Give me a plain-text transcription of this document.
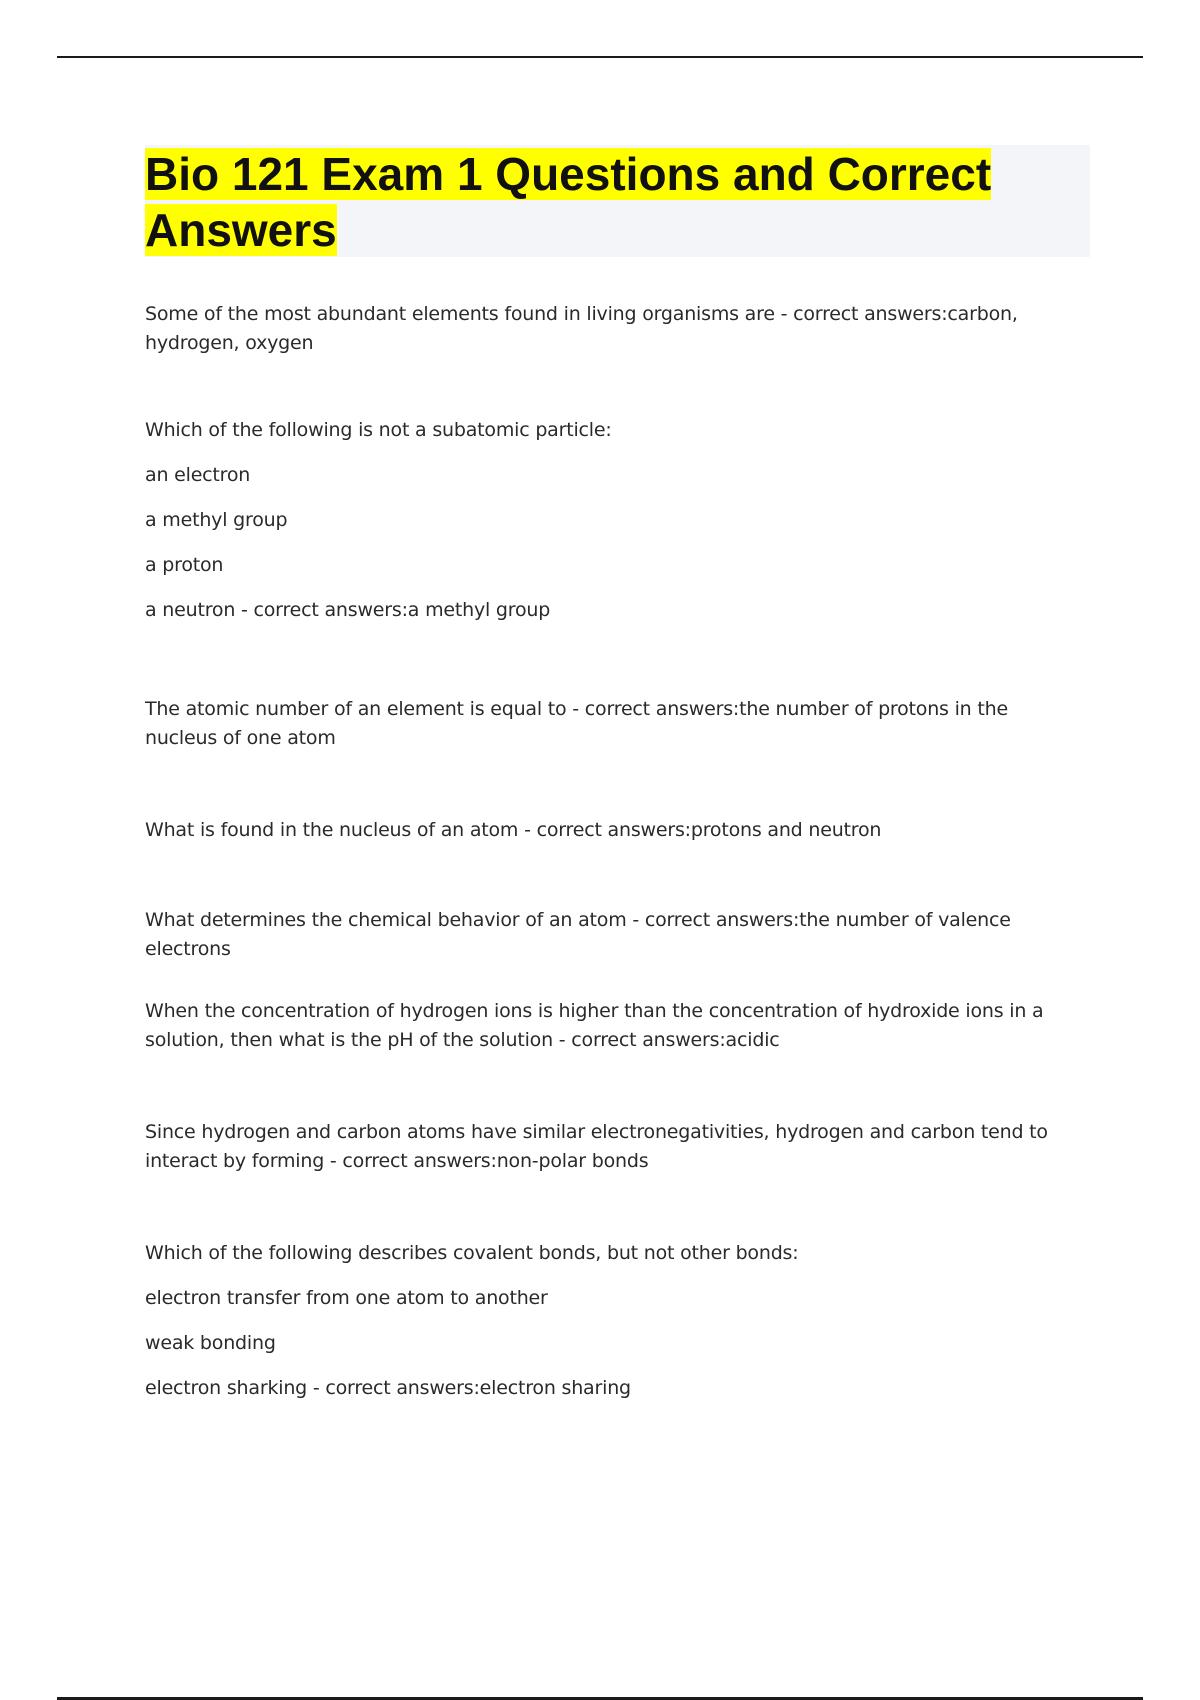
Bio 121 Exam 1 Questions and Correct
Answers

Some of the most abundant elements found in living organisms are - correct answers:carbon, hydrogen, oxygen

Which of the following is not a subatomic particle:

an electron

a methyl group

a proton

a neutron - correct answers:a methyl group

The atomic number of an element is equal to - correct answers:the number of protons in the nucleus of one atom

What is found in the nucleus of an atom - correct answers:protons and neutron

What determines the chemical behavior of an atom - correct answers:the number of valence electrons

When the concentration of hydrogen ions is higher than the concentration of hydroxide ions in a solution, then what is the pH of the solution - correct answers:acidic

Since hydrogen and carbon atoms have similar electronegativities, hydrogen and carbon tend to interact by forming - correct answers:non-polar bonds

Which of the following describes covalent bonds, but not other bonds:

electron transfer from one atom to another

weak bonding

electron sharking - correct answers:electron sharing
